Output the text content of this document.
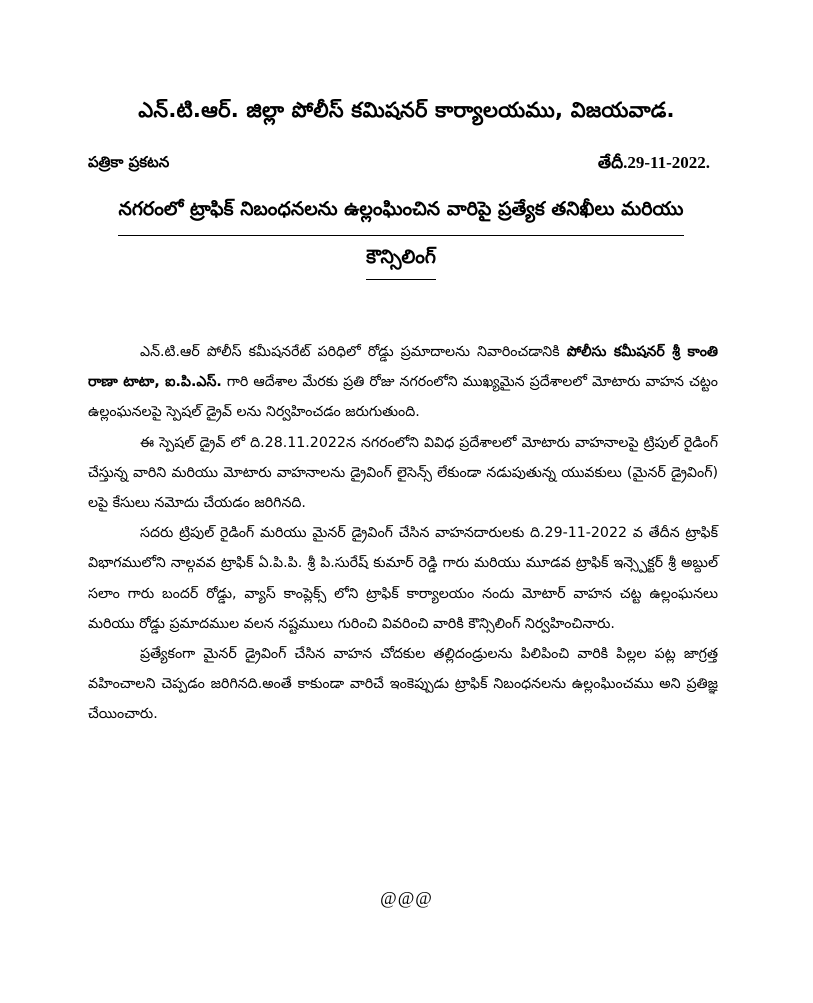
ఎన్.టి.ఆర్. జిల్లా పోలీస్ కమిషనర్ కార్యాలయము, విజయవాడ.
పత్రికా ప్రకటన	తేదీ.29-11-2022.
నగరంలో ట్రాఫిక్ నిబంధనలను ఉల్లంఘించిన వారిపై ప్రత్యేక తనిఖీలు మరియు
కౌన్సిలింగ్

ఎన్.టి.ఆర్ పోలీస్ కమీషనరేట్ పరిధిలో రోడ్డు ప్రమాదాలను నివారించడానికి పోలీసు కమీషనర్ శ్రీ కాంతి రాణా టాటా, ఐ.పి.ఎస్. గారి ఆదేశాల మేరకు ప్రతి రోజు నగరంలోని ముఖ్యమైన ప్రదేశాలలో మోటారు వాహన చట్టం ఉల్లంఘనలపై స్పెషల్ డ్రైవ్ లను నిర్వహించడం జరుగుతుంది.

ఈ స్పెషల్ డ్రైవ్ లో ది.28.11.2022న నగరంలోని వివిధ ప్రదేశాలలో మోటారు వాహనాలపై ట్రిపుల్ రైడింగ్ చేస్తున్న వారిని మరియు మోటారు వాహనాలను డ్రైవింగ్ లైసెన్స్ లేకుండా నడుపుతున్న యువకులు (మైనర్ డ్రైవింగ్) లపై కేసులు నమోదు చేయడం జరిగినది.

సదరు ట్రిపుల్ రైడింగ్ మరియు మైనర్ డ్రైవింగ్ చేసిన వాహనదారులకు ది.29-11-2022 వ తేదీన ట్రాఫిక్ విభాగములోని నాల్గవవ ట్రాఫిక్ ఏ.పి.పి. శ్రీ పి.సురేష్ కుమార్ రెడ్డి గారు మరియు మూడవ ట్రాఫిక్ ఇన్స్పెక్టర్ శ్రీ అబ్దుల్ సలాం గారు బందర్ రోడ్డు, వ్యాస్ కాంప్లెక్స్ లోని ట్రాఫిక్ కార్యాలయం నందు మోటార్ వాహన చట్ట ఉల్లంఘనలు మరియు రోడ్డు ప్రమాదముల వలన నష్టములు గురించి వివరించి వారికి కౌన్సిలింగ్ నిర్వహించినారు.

ప్రత్యేకంగా మైనర్ డ్రైవింగ్ చేసిన వాహన చోదకుల తల్లిదండ్రులను పిలిపించి వారికి పిల్లల పట్ల జాగ్రత్త వహించాలని చెప్పడం జరిగినది.అంతే కాకుండా వారిచే ఇంకెప్పుడు ట్రాఫిక్ నిబంధనలను ఉల్లంఘించము అని ప్రతిజ్ఞ చేయించారు.

@@@
